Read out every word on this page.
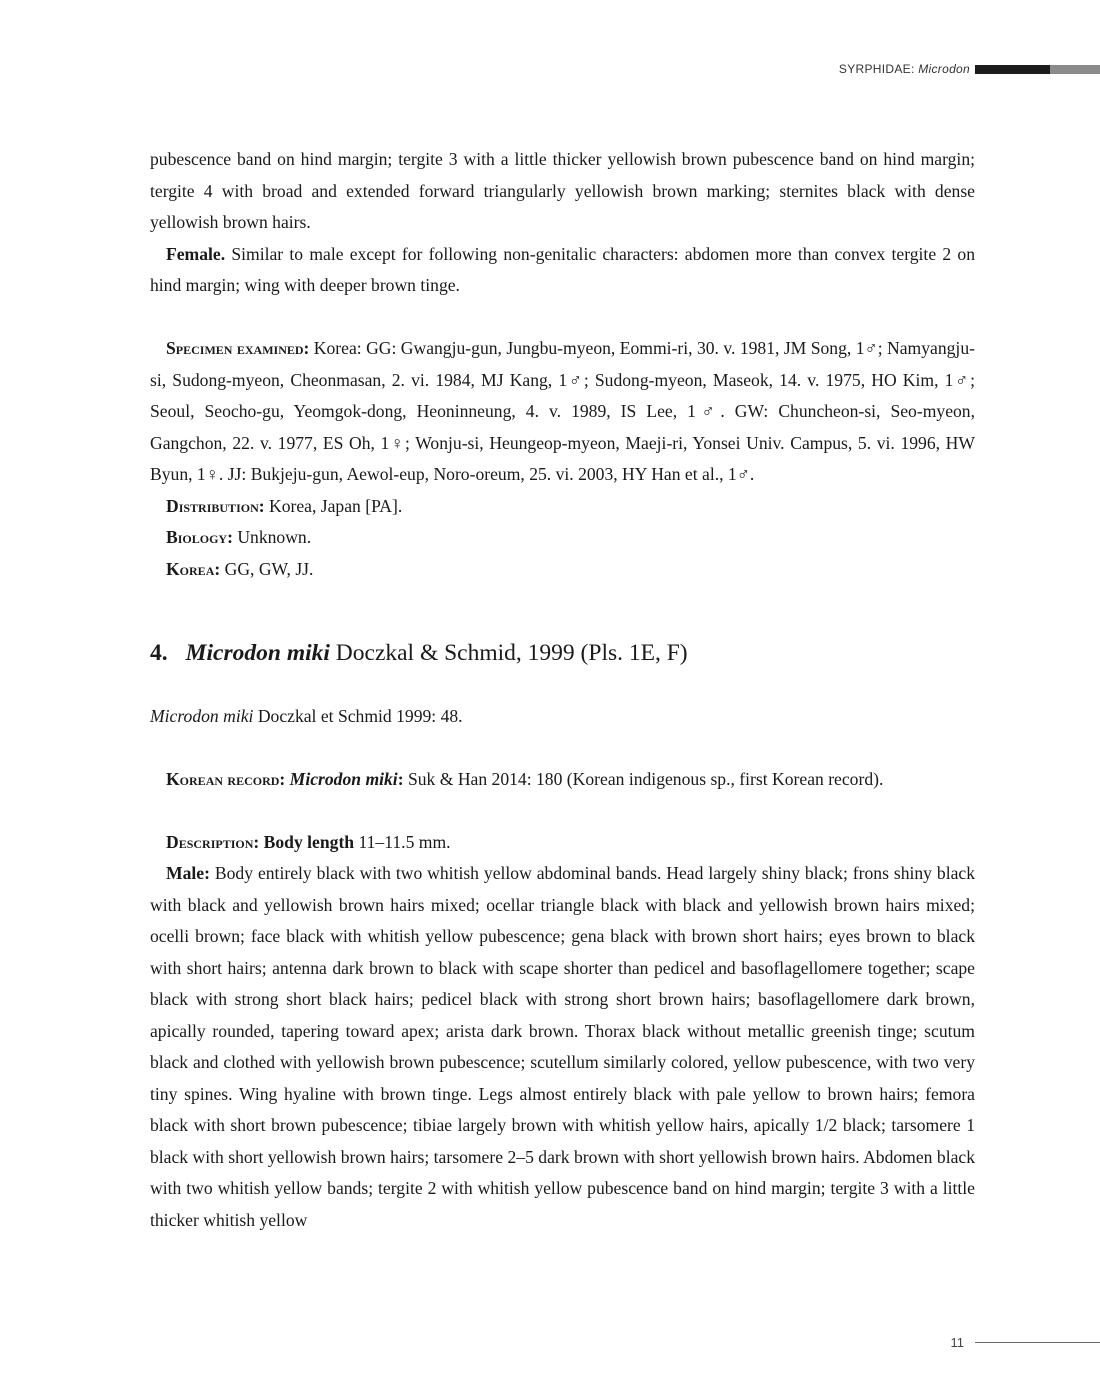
SYRPHIDAE: Microdon

pubescence band on hind margin; tergite 3 with a little thicker yellowish brown pubescence band on hind margin; tergite 4 with broad and extended forward triangularly yellowish brown marking; sternites black with dense yellowish brown hairs.

Female. Similar to male except for following non-genitalic characters: abdomen more than convex tergite 2 on hind margin; wing with deeper brown tinge.

Specimen examined: Korea: GG: Gwangju-gun, Jungbu-myeon, Eommi-ri, 30. v. 1981, JM Song, 1♂; Namyangju-si, Sudong-myeon, Cheonmasan, 2. vi. 1984, MJ Kang, 1♂; Sudong-myeon, Maseok, 14. v. 1975, HO Kim, 1♂; Seoul, Seocho-gu, Yeomgok-dong, Heoninneung, 4. v. 1989, IS Lee, 1♂. GW: Chuncheon-si, Seo-myeon, Gangchon, 22. v. 1977, ES Oh, 1♀; Wonju-si, Heungeop-myeon, Maeji-ri, Yonsei Univ. Campus, 5. vi. 1996, HW Byun, 1♀. JJ: Bukjeju-gun, Aewol-eup, Noro-oreum, 25. vi. 2003, HY Han et al., 1♂.

Distribution: Korea, Japan [PA].

Biology: Unknown.

Korea: GG, GW, JJ.

4. Microdon miki Doczkal & Schmid, 1999 (Pls. 1E, F)

Microdon miki Doczkal et Schmid 1999: 48.

Korean record: Microdon miki: Suk & Han 2014: 180 (Korean indigenous sp., first Korean record).

Description: Body length 11–11.5 mm.

Male: Body entirely black with two whitish yellow abdominal bands. Head largely shiny black; frons shiny black with black and yellowish brown hairs mixed; ocellar triangle black with black and yellowish brown hairs mixed; ocelli brown; face black with whitish yellow pubescence; gena black with brown short hairs; eyes brown to black with short hairs; antenna dark brown to black with scape shorter than pedicel and basoflagellomere together; scape black with strong short black hairs; pedicel black with strong short brown hairs; basoflagellomere dark brown, apically rounded, tapering toward apex; arista dark brown. Thorax black without metallic greenish tinge; scutum black and clothed with yellowish brown pubescence; scutellum similarly colored, yellow pubescence, with two very tiny spines. Wing hyaline with brown tinge. Legs almost entirely black with pale yellow to brown hairs; femora black with short brown pubescence; tibiae largely brown with whitish yellow hairs, apically 1/2 black; tarsomere 1 black with short yellowish brown hairs; tarsomere 2–5 dark brown with short yellowish brown hairs. Abdomen black with two whitish yellow bands; tergite 2 with whitish yellow pubescence band on hind margin; tergite 3 with a little thicker whitish yellow

11
